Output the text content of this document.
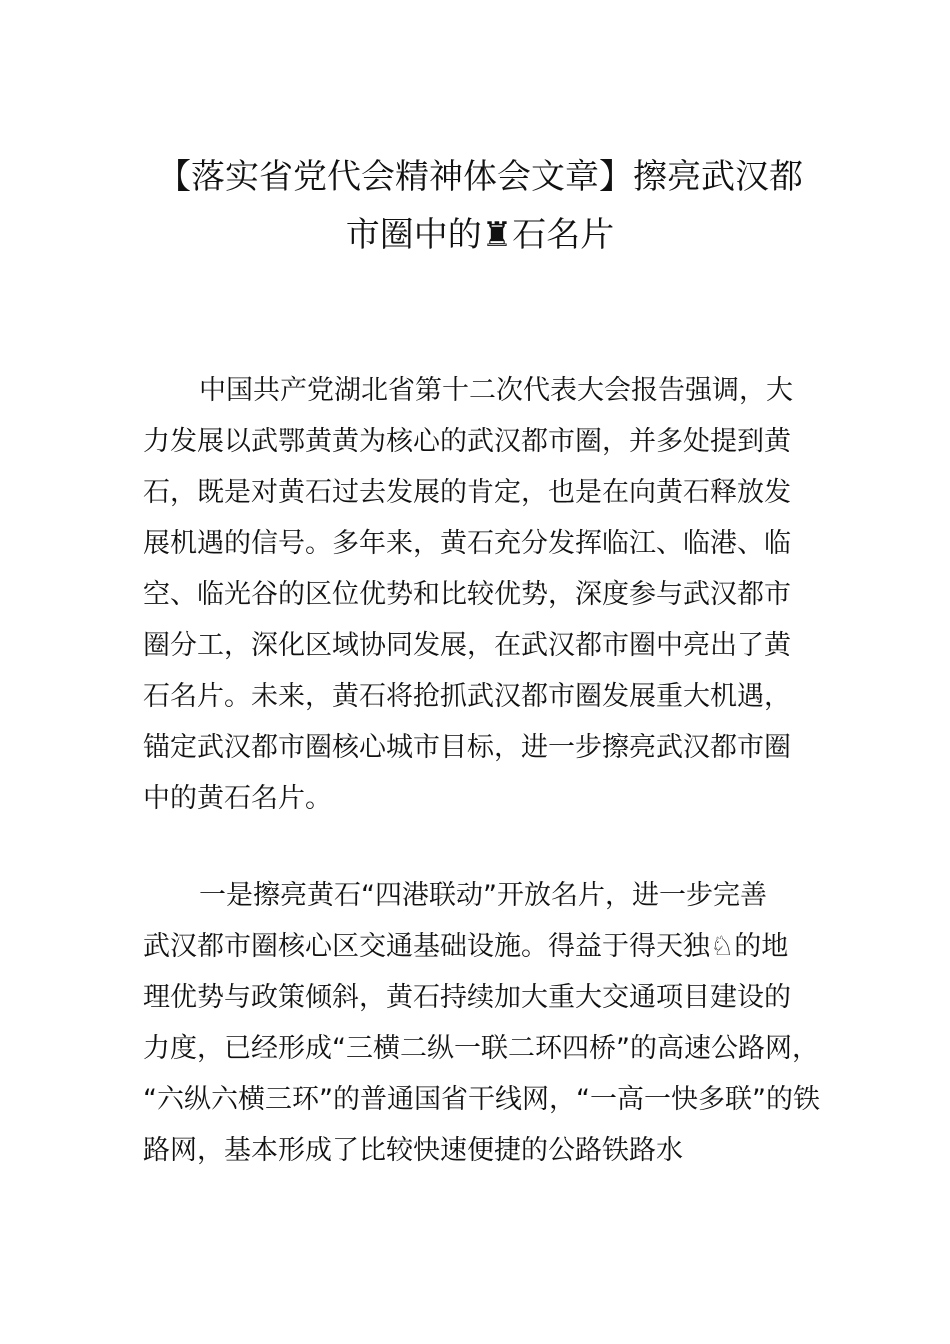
【落实省党代会精神体会文章】擦亮武汉都
市圈中的♜石名片
中国共产党湖北省第十二次代表大会报告强调，大
力发展以武鄂黄黄为核心的武汉都市圈，并多处提到黄
石，既是对黄石过去发展的肯定，也是在向黄石释放发
展机遇的信号。多年来，黄石充分发挥临江、临港、临
空、临光谷的区位优势和比较优势，深度参与武汉都市
圈分工，深化区域协同发展，在武汉都市圈中亮出了黄
石名片。未来，黄石将抢抓武汉都市圈发展重大机遇，
锚定武汉都市圈核心城市目标，进一步擦亮武汉都市圈
中的黄石名片。
一是擦亮黄石“四港联动”开放名片，进一步完善
武汉都市圈核心区交通基础设施。得益于得天独♘的地
理优势与政策倾斜，黄石持续加大重大交通项目建设的
力度，已经形成“三横二纵一联二环四桥”的高速公路网，
“六纵六横三环”的普通国省干线网，“一高一快多联”的铁
路网，基本形成了比较快速便捷的公路铁路水
